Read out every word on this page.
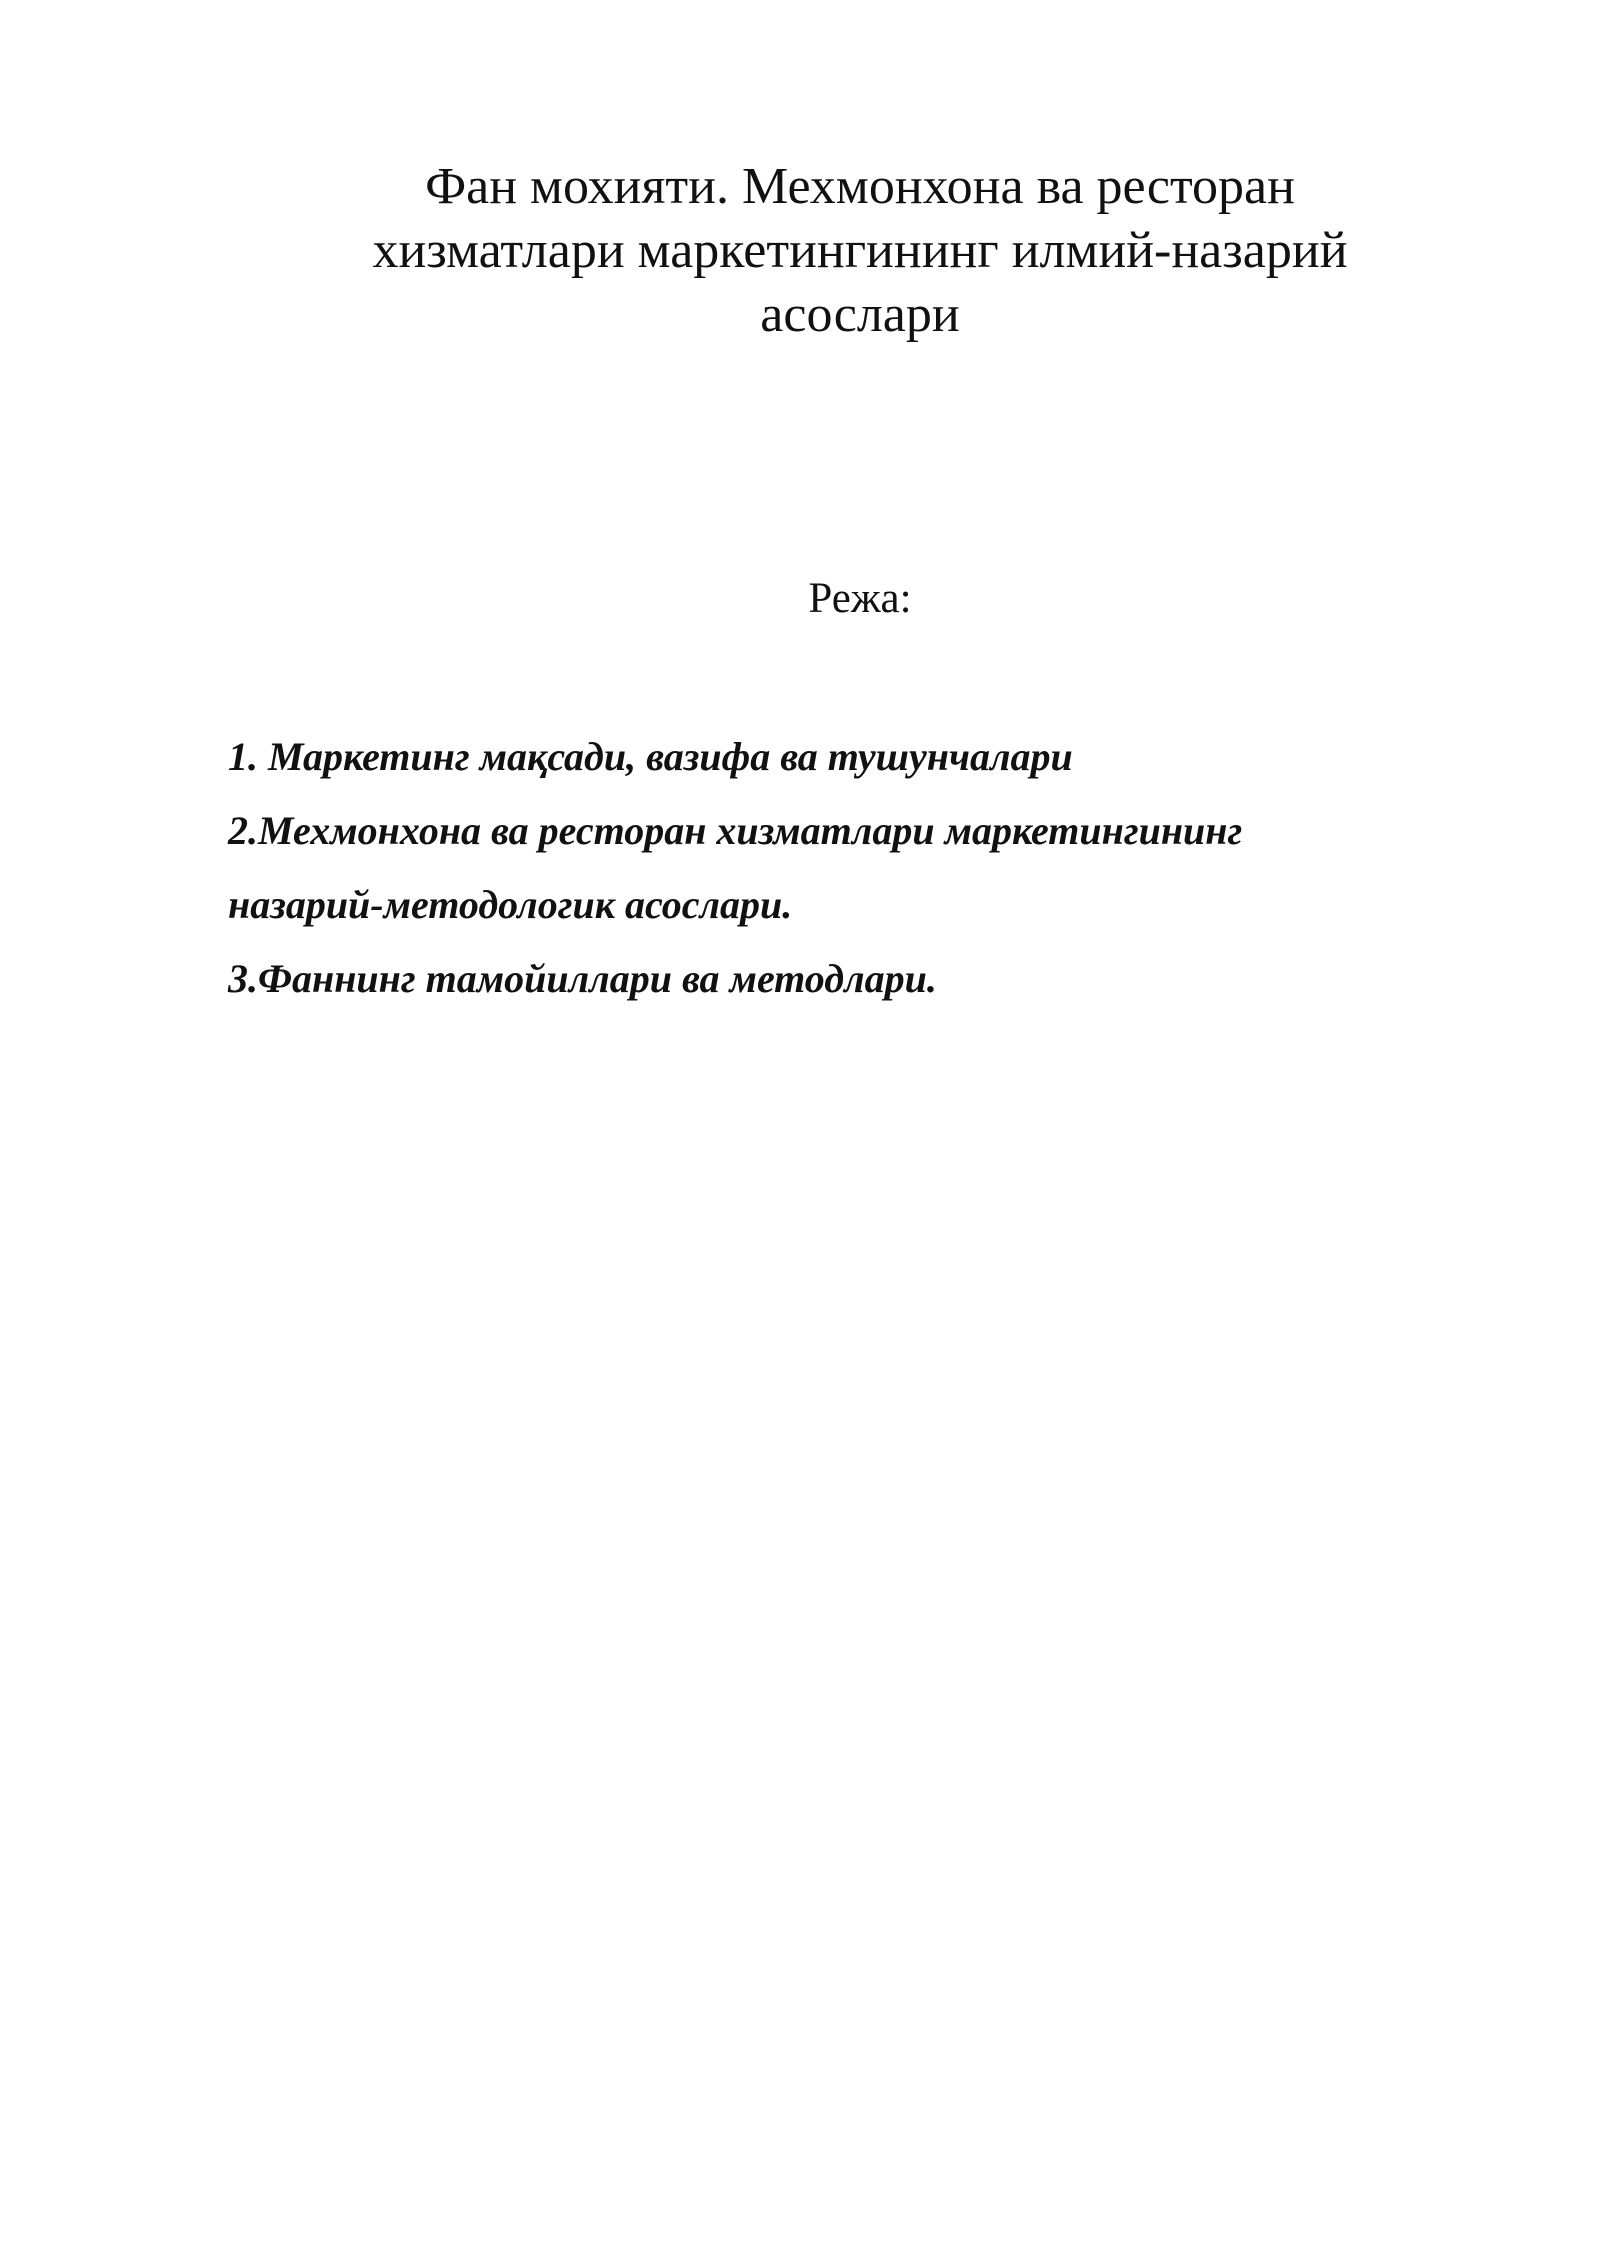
Фан мохияти. Мехмонхона ва ресторан
хизматлари маркетингининг илмий-назарий
асослари
Режа:
1. Маркетинг мақсади, вазифа ва тушунчалари
2.Мехмонхона ва ресторан хизматлари маркетингининг
назарий-методологик асослари.
3.Фаннинг тамойиллари ва методлари.
